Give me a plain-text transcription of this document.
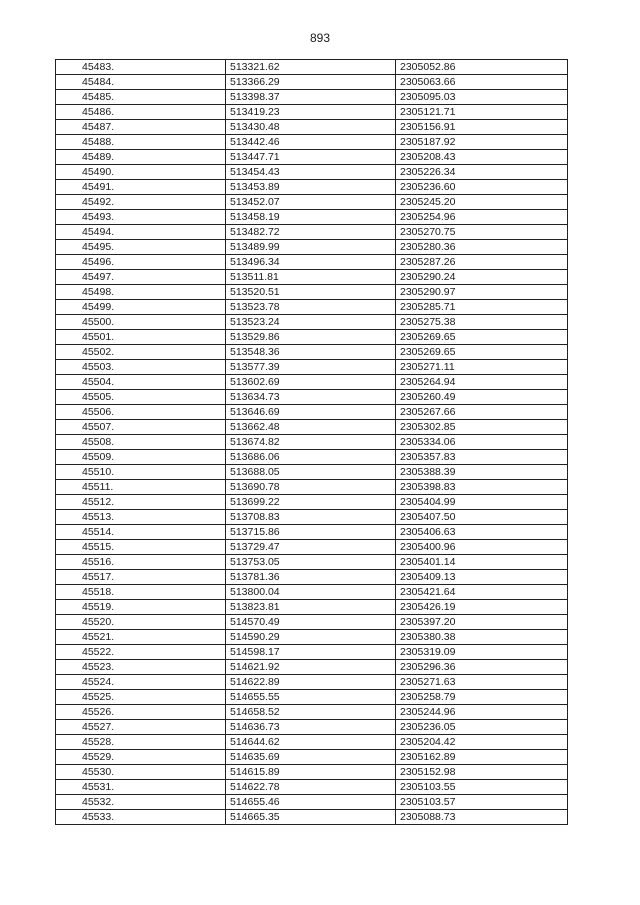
893
45483.	513321.62	2305052.86
45484.	513366.29	2305063.66
45485.	513398.37	2305095.03
45486.	513419.23	2305121.71
45487.	513430.48	2305156.91
45488.	513442.46	2305187.92
45489.	513447.71	2305208.43
45490.	513454.43	2305226.34
45491.	513453.89	2305236.60
45492.	513452.07	2305245.20
45493.	513458.19	2305254.96
45494.	513482.72	2305270.75
45495.	513489.99	2305280.36
45496.	513496.34	2305287.26
45497.	513511.81	2305290.24
45498.	513520.51	2305290.97
45499.	513523.78	2305285.71
45500.	513523.24	2305275.38
45501.	513529.86	2305269.65
45502.	513548.36	2305269.65
45503.	513577.39	2305271.11
45504.	513602.69	2305264.94
45505.	513634.73	2305260.49
45506.	513646.69	2305267.66
45507.	513662.48	2305302.85
45508.	513674.82	2305334.06
45509.	513686.06	2305357.83
45510.	513688.05	2305388.39
45511.	513690.78	2305398.83
45512.	513699.22	2305404.99
45513.	513708.83	2305407.50
45514.	513715.86	2305406.63
45515.	513729.47	2305400.96
45516.	513753.05	2305401.14
45517.	513781.36	2305409.13
45518.	513800.04	2305421.64
45519.	513823.81	2305426.19
45520.	514570.49	2305397.20
45521.	514590.29	2305380.38
45522.	514598.17	2305319.09
45523.	514621.92	2305296.36
45524.	514622.89	2305271.63
45525.	514655.55	2305258.79
45526.	514658.52	2305244.96
45527.	514636.73	2305236.05
45528.	514644.62	2305204.42
45529.	514635.69	2305162.89
45530.	514615.89	2305152.98
45531.	514622.78	2305103.55
45532.	514655.46	2305103.57
45533.	514665.35	2305088.73
